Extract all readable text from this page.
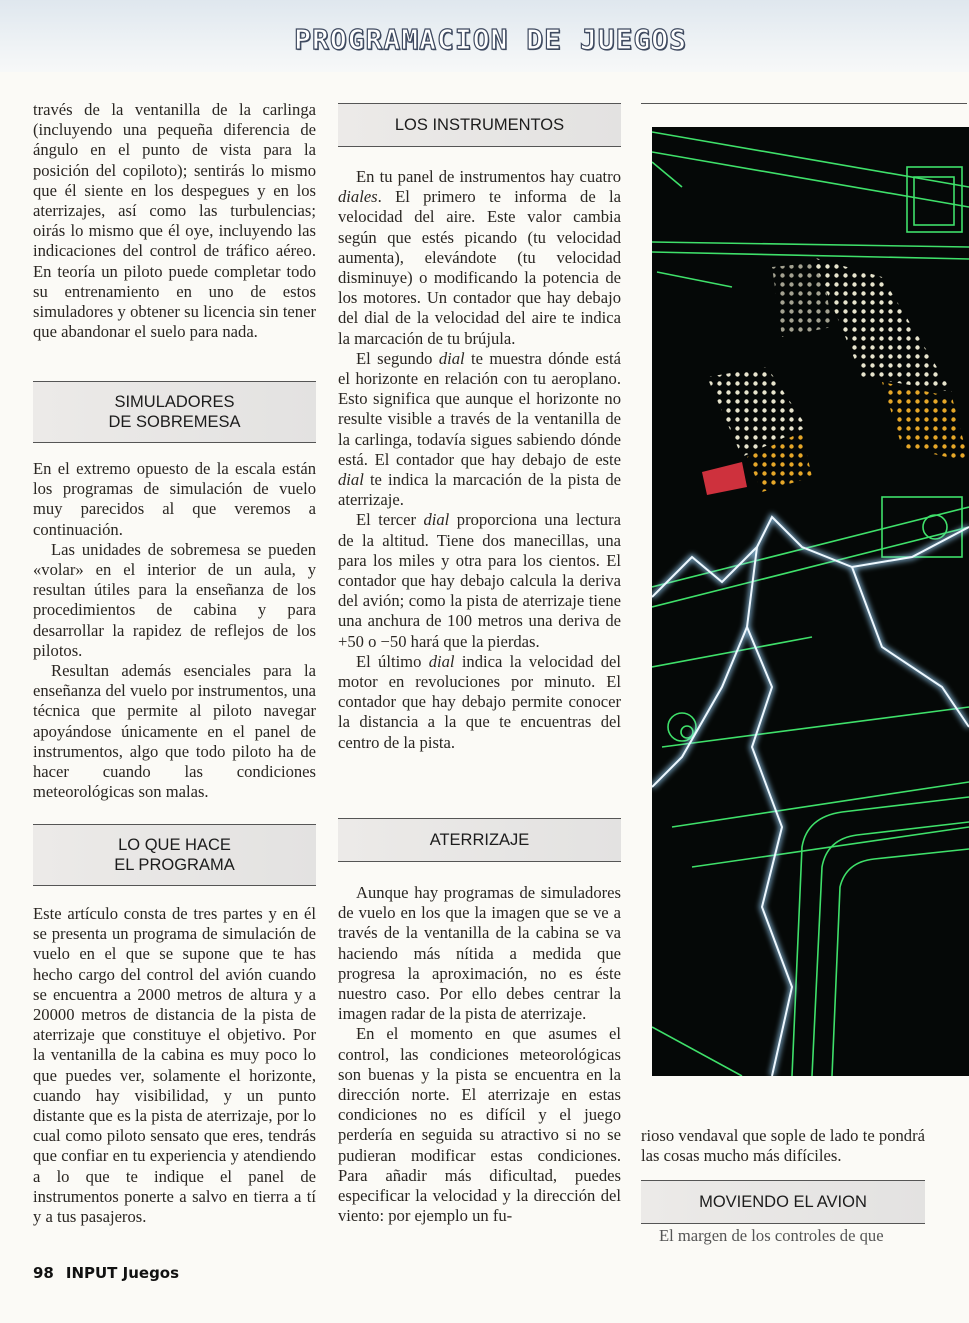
PROGRAMACION DE JUEGOS

través de la ventanilla de la carlinga (incluyendo una pequeña diferencia de ángulo en el punto de vista para la posición del copiloto); sentirás lo mismo que él siente en los despegues y en los aterrizajes, así como las turbulencias; oirás lo mismo que él oye, incluyendo las indicaciones del control de tráfico aéreo. En teoría un piloto puede completar todo su entrenamiento en uno de estos simuladores y obtener su licencia sin tener que abandonar el suelo para nada.

SIMULADORES
DE SOBREMESA

En el extremo opuesto de la escala están los programas de simulación de vuelo muy parecidos al que veremos a continuación.

Las unidades de sobremesa se pueden «volar» en el interior de un aula, y resultan útiles para la enseñanza de los procedimientos de cabina y para desarrollar la rapidez de reflejos de los pilotos.

Resultan además esenciales para la enseñanza del vuelo por instrumentos, una técnica que permite al piloto navegar apoyándose únicamente en el panel de instrumentos, algo que todo piloto ha de hacer cuando las condiciones meteorológicas son malas.

LO QUE HACE
EL PROGRAMA

Este artículo consta de tres partes y en él se presenta un programa de simulación de vuelo en el que se supone que te has hecho cargo del control del avión cuando se encuentra a 2000 metros de altura y a 20000 metros de distancia de la pista de aterrizaje que constituye el objetivo. Por la ventanilla de la cabina es muy poco lo que puedes ver, solamente el horizonte, cuando hay visibilidad, y un punto distante que es la pista de aterrizaje, por lo cual como piloto sensato que eres, tendrás que confiar en tu experiencia y atendiendo a lo que te indique el panel de instrumentos ponerte a salvo en tierra a tí y a tus pasajeros.

LOS INSTRUMENTOS

En tu panel de instrumentos hay cuatro diales. El primero te informa de la velocidad del aire. Este valor cambia según que estés picando (tu velocidad aumenta), elevándote (tu velocidad disminuye) o modificando la potencia de los motores. Un contador que hay debajo del dial de la velocidad del aire te indica la marcación de tu brújula.

El segundo dial te muestra dónde está el horizonte en relación con tu aeroplano. Esto significa que aunque el horizonte no resulte visible a través de la ventanilla de la carlinga, todavía sigues sabiendo dónde está. El contador que hay debajo de este dial te indica la marcación de la pista de aterrizaje.

El tercer dial proporciona una lectura de la altitud. Tiene dos manecillas, una para los miles y otra para los cientos. El contador que hay debajo calcula la deriva del avión; como la pista de aterrizaje tiene una anchura de 100 metros una deriva de +50 o −50 hará que la pierdas.

El último dial indica la velocidad del motor en revoluciones por minuto. El contador que hay debajo permite conocer la distancia a la que te encuentras del centro de la pista.

ATERRIZAJE

Aunque hay programas de simuladores de vuelo en los que la imagen que se ve a través de la ventanilla de la cabina se va haciendo más nítida a medida que progresa la aproximación, no es éste nuestro caso. Por ello debes centrar la imagen radar de la pista de aterrizaje.

En el momento en que asumes el control, las condiciones meteorológicas son buenas y la pista se encuentra en la dirección norte. El aterrizaje en estas condiciones no es difícil y el juego perdería en seguida su atractivo si no se pudieran modificar estas condiciones. Para añadir más dificultad, puedes especificar la velocidad y la dirección del viento: por ejemplo un fu-

rioso vendaval que sople de lado te pondrá las cosas mucho más difíciles.

MOVIENDO EL AVION

El margen de los controles de que

98 INPUT Juegos
